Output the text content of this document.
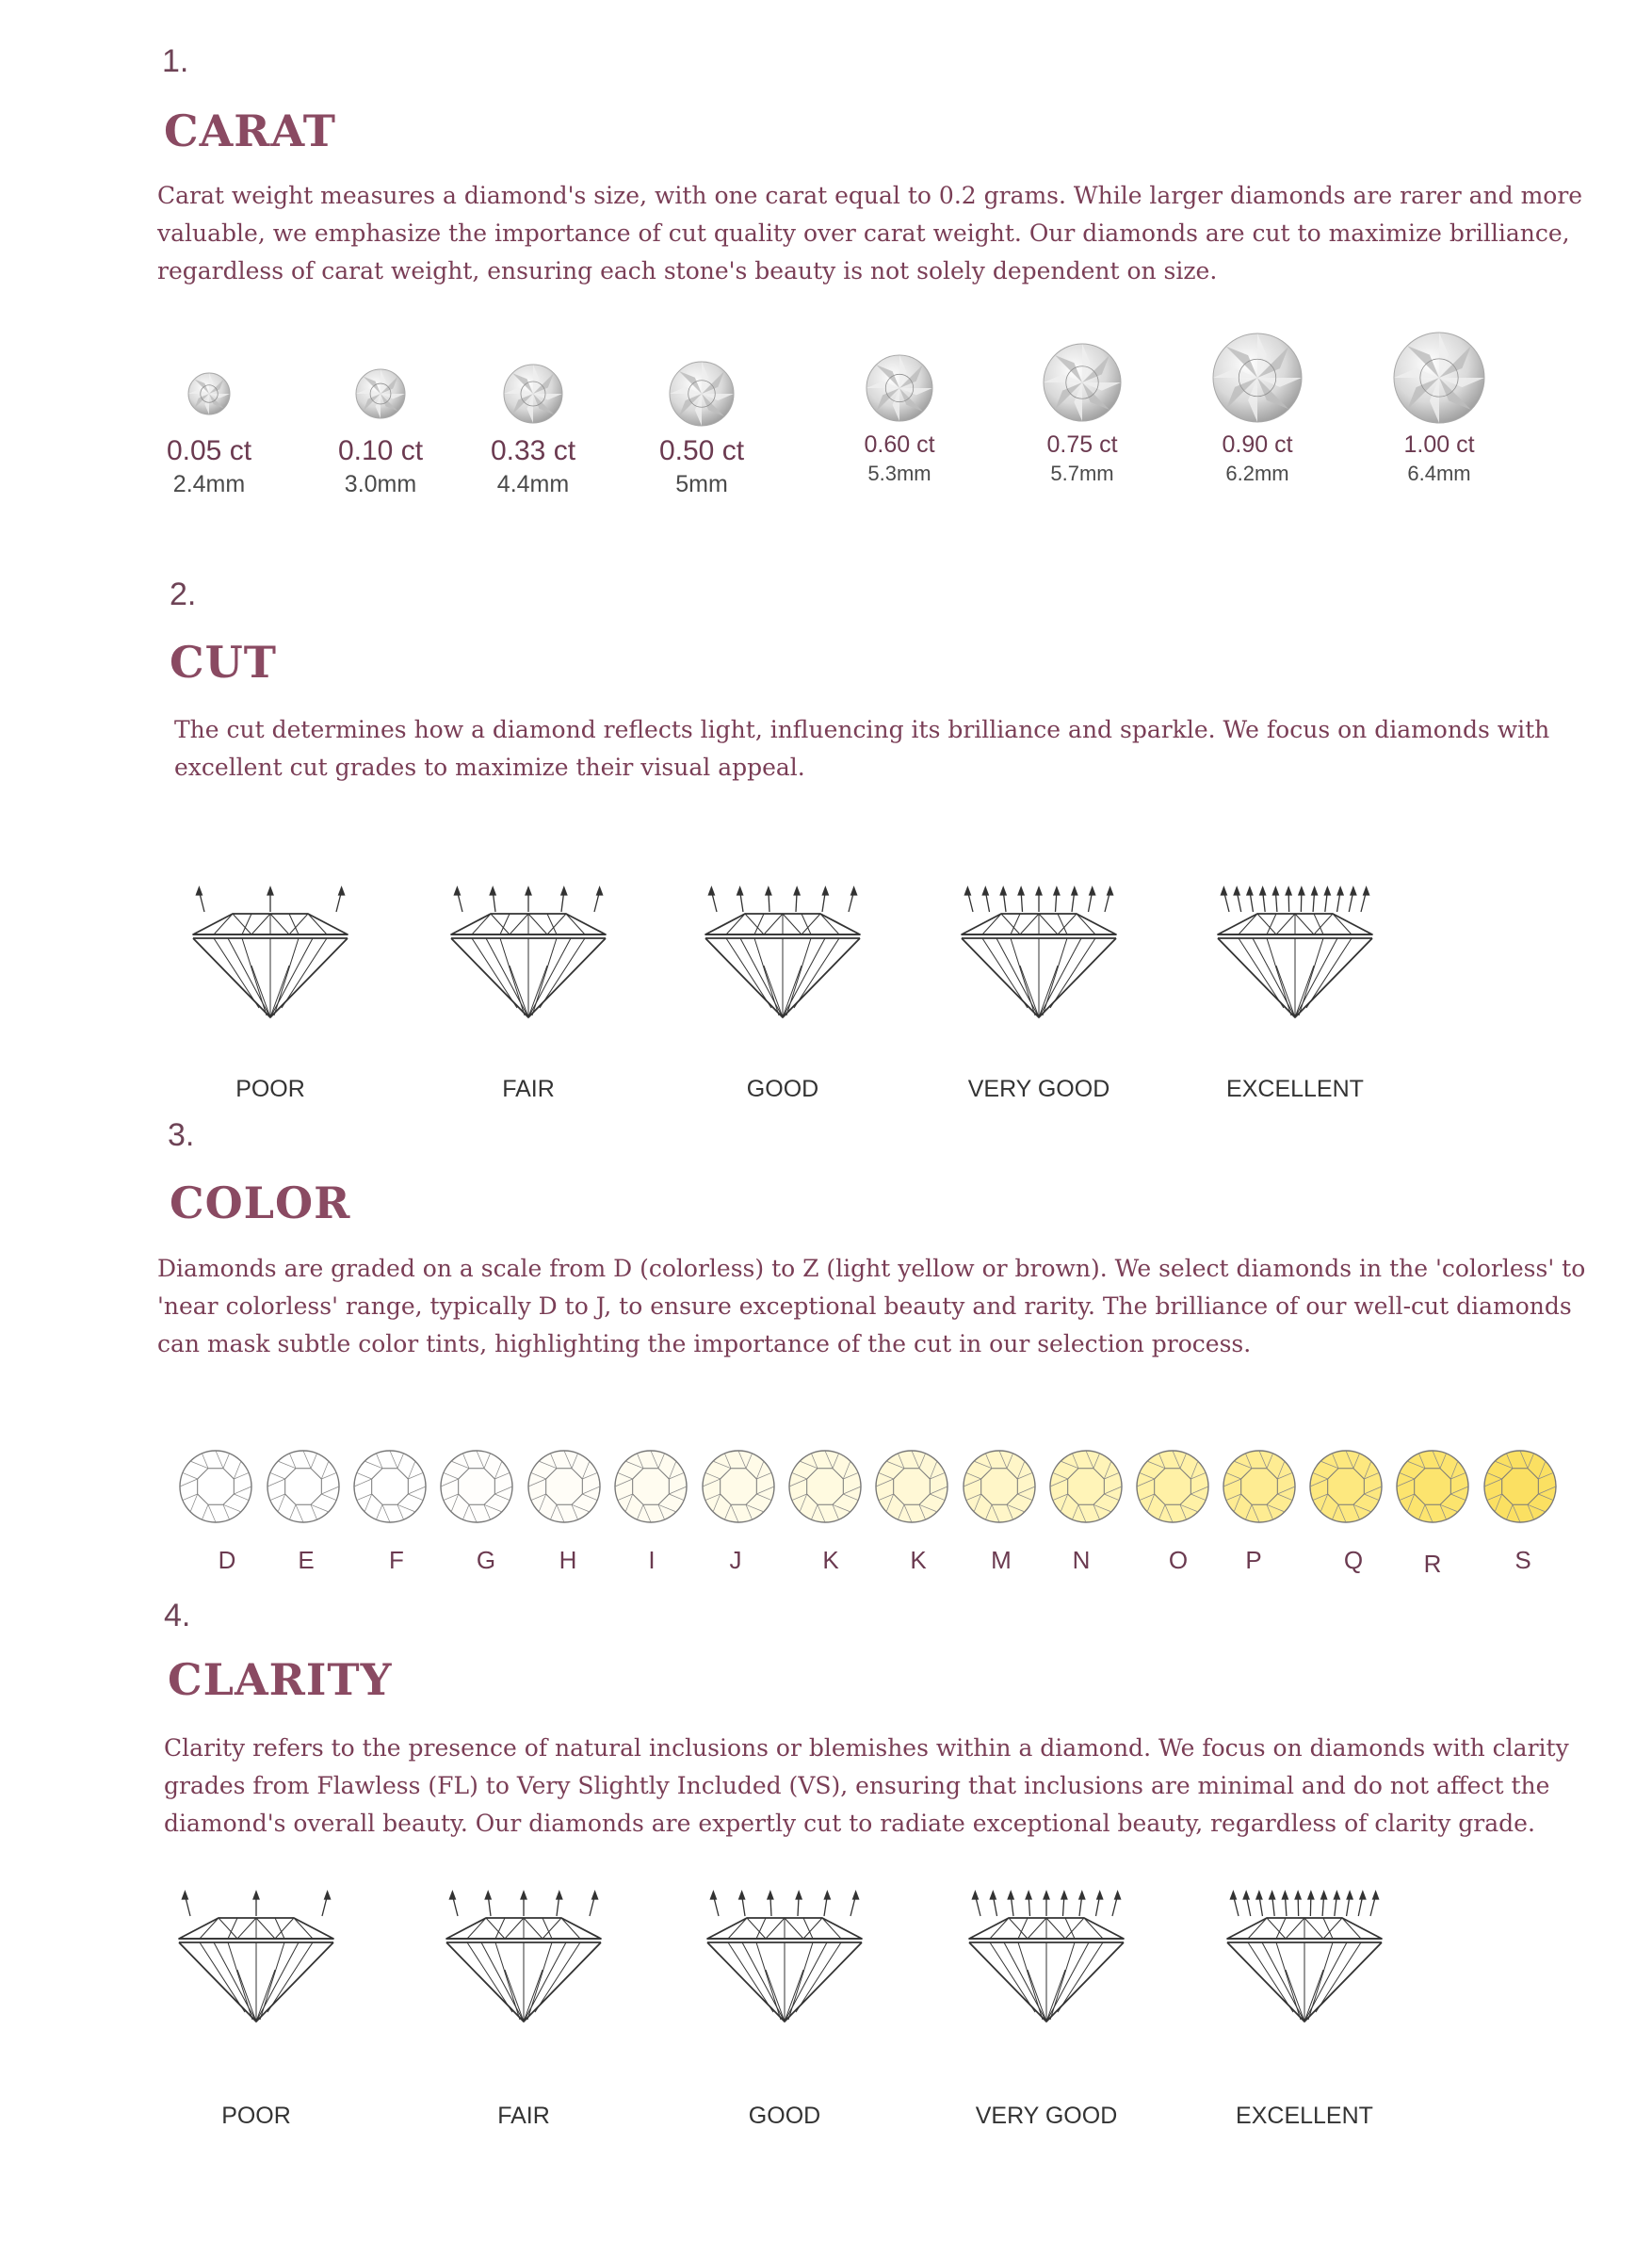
1.
CARAT

Carat weight measures a diamond's size, with one carat equal to 0.2 grams. While larger diamonds are rarer and more valuable, we emphasize the importance of cut quality over carat weight. Our diamonds are cut to maximize brilliance, regardless of carat weight, ensuring each stone's beauty is not solely dependent on size.

0.05 ct
2.4mm
0.10 ct
3.0mm
0.33 ct
4.4mm
0.50 ct
5mm
0.60 ct
5.3mm
0.75 ct
5.7mm
0.90 ct
6.2mm
1.00 ct
6.4mm
2.
CUT

The cut determines how a diamond reflects light, influencing its brilliance and sparkle. We focus on diamonds with excellent cut grades to maximize their visual appeal.

POOR	FAIR	GOOD	VERY GOOD	EXCELLENT
3.
COLOR

Diamonds are graded on a scale from D (colorless) to Z (light yellow or brown). We select diamonds in the 'colorless' to 'near colorless' range, typically D to J, to ensure exceptional beauty and rarity. The brilliance of our well-cut diamonds can mask subtle color tints, highlighting the importance of the cut in our selection process.

D	E	F	G	H	I	J	K	K	M	N	O	P	Q	R	S
4.
CLARITY

Clarity refers to the presence of natural inclusions or blemishes within a diamond. We focus on diamonds with clarity grades from Flawless (FL) to Very Slightly Included (VS), ensuring that inclusions are minimal and do not affect the diamond's overall beauty. Our diamonds are expertly cut to radiate exceptional beauty, regardless of clarity grade.

POOR	FAIR	GOOD	VERY GOOD	EXCELLENT
